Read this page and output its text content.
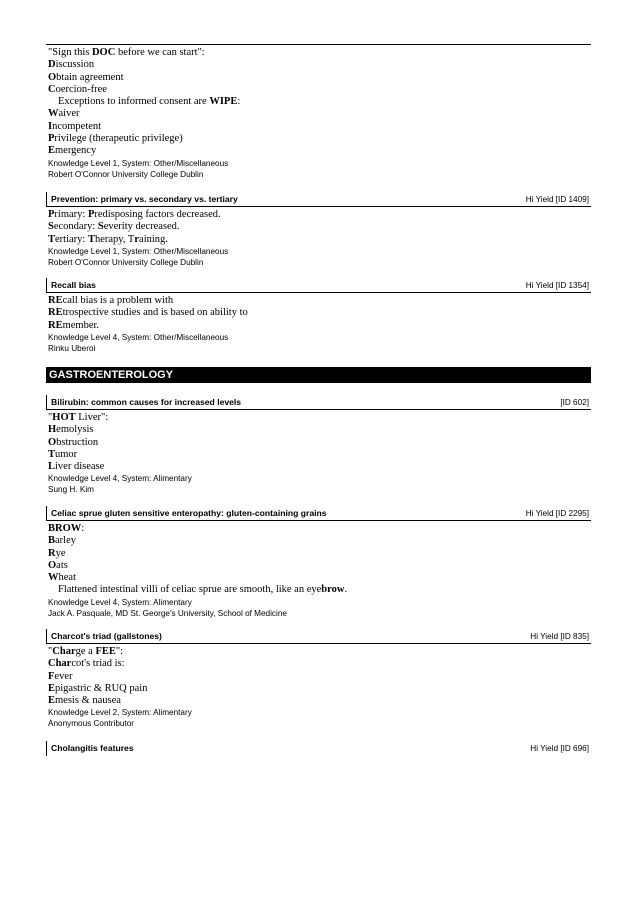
"Sign this DOC before we can start":
Discussion
Obtain agreement
Coercion-free
Exceptions to informed consent are WIPE:
Waiver
Incompetent
Privilege (therapeutic privilege)
Emergency
Knowledge Level 1, System: Other/Miscellaneous
Robert O'Connor University College Dublin
Prevention: primary vs. secondary vs. tertiary	Hi Yield [ID 1409]
Primary: Predisposing factors decreased.
Secondary: Severity decreased.
Tertiary: Therapy, Training.
Knowledge Level 1, System: Other/Miscellaneous
Robert O'Connor University College Dublin
Recall bias	Hi Yield [ID 1354]
REcall bias is a problem with
REtrospective studies and is based on ability to
REmember.
Knowledge Level 4, System: Other/Miscellaneous
Rinku Uberoi
GASTROENTEROLOGY
Bilirubin: common causes for increased levels	[ID 602]
"HOT Liver":
Hemolysis
Obstruction
Tumor
Liver disease
Knowledge Level 4, System: Alimentary
Sung H. Kim
Celiac sprue gluten sensitive enteropathy: gluten-containing grains	Hi Yield [ID 2295]
BROW:
Barley
Rye
Oats
Wheat
Flattened intestinal villi of celiac sprue are smooth, like an eyebrow.
Knowledge Level 4, System: Alimentary
Jack A. Pasquale, MD St. George's University, School of Medicine
Charcot's triad (gallstones)	Hi Yield [ID 835]
"Charge a FEE":
Charcot's triad is:
Fever
Epigastric & RUQ pain
Emesis & nausea
Knowledge Level 2, System: Alimentary
Anonymous Contributor
Cholangitis features	Hi Yield [ID 696]
